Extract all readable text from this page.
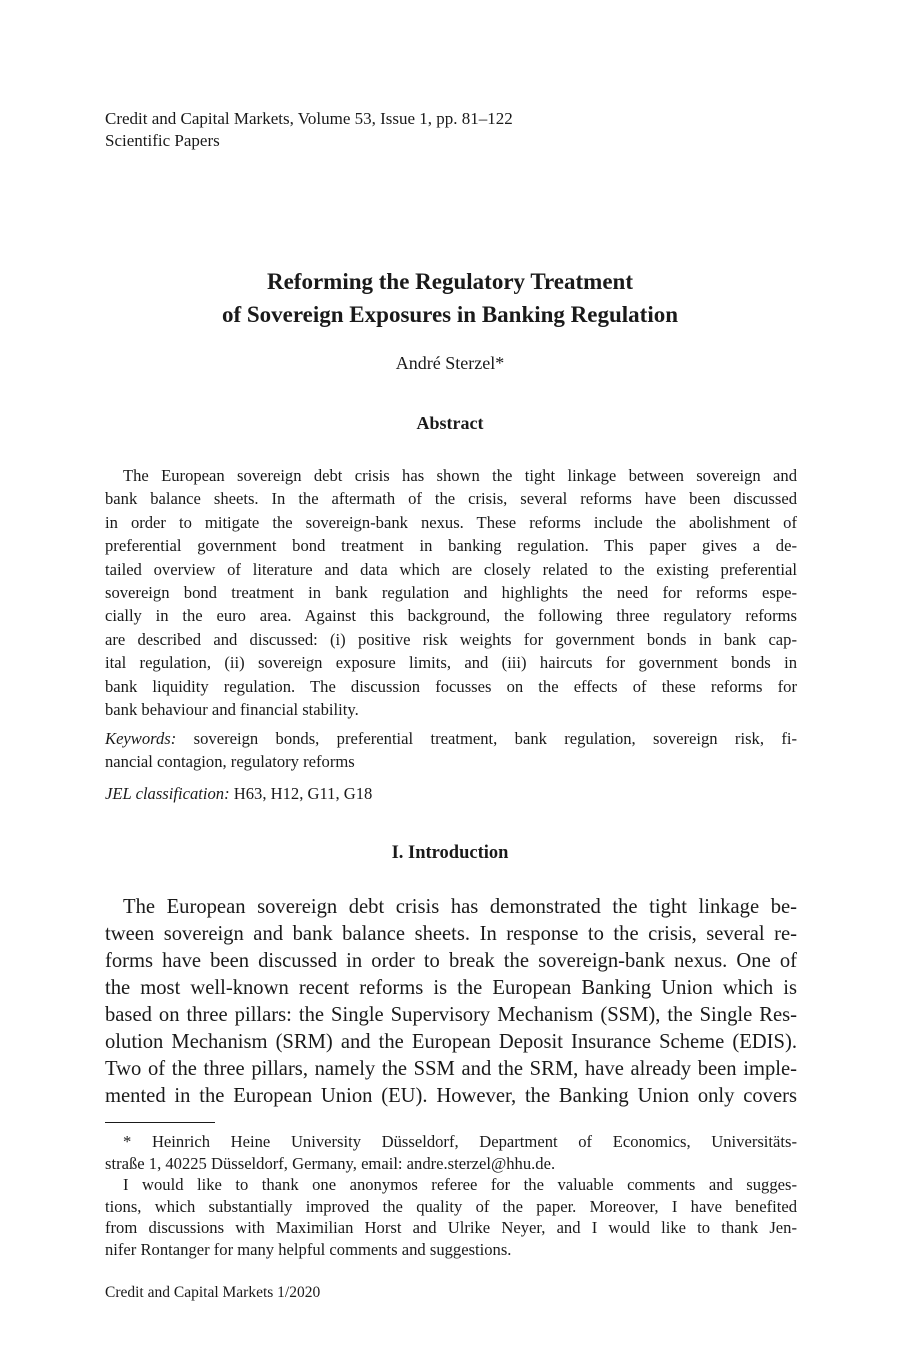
Credit and Capital Markets, Volume 53, Issue 1, pp. 81–122
Scientific Papers
Reforming the Regulatory Treatment
of Sovereign Exposures in Banking Regulation
André Sterzel*
Abstract
The European sovereign debt crisis has shown the tight linkage between sovereign and
bank balance sheets. In the aftermath of the crisis, several reforms have been discussed
in order to mitigate the sovereign-bank nexus. These reforms include the abolishment of
preferential government bond treatment in banking regulation. This paper gives a de-
tailed overview of literature and data which are closely related to the existing preferential
sovereign bond treatment in bank regulation and highlights the need for reforms espe-
cially in the euro area. Against this background, the following three regulatory reforms
are described and discussed: (i) positive risk weights for government bonds in bank cap-
ital regulation, (ii) sovereign exposure limits, and (iii) haircuts for government bonds in
bank liquidity regulation. The discussion focusses on the effects of these reforms for
bank behaviour and financial stability.
Keywords: sovereign bonds, preferential treatment, bank regulation, sovereign risk, fi-
nancial contagion, regulatory reforms
JEL classification: H63, H12, G11, G18
I. Introduction
The European sovereign debt crisis has demonstrated the tight linkage be-
tween sovereign and bank balance sheets. In response to the crisis, several re-
forms have been discussed in order to break the sovereign-bank nexus. One of
the most well-known recent reforms is the European Banking Union which is
based on three pillars: the Single Supervisory Mechanism (SSM), the Single Res-
olution Mechanism (SRM) and the European Deposit Insurance Scheme (EDIS).
Two of the three pillars, namely the SSM and the SRM, have already been imple-
mented in the European Union (EU). However, the Banking Union only covers
* Heinrich Heine University Düsseldorf, Department of Economics, Universitäts-
straße 1, 40225 Düsseldorf, Germany, email: andre.sterzel@hhu.de.
I would like to thank one anonymos referee for the valuable comments and sugges-
tions, which substantially improved the quality of the paper. Moreover, I have benefited
from discussions with Maximilian Horst and Ulrike Neyer, and I would like to thank Jen-
nifer Rontanger for many helpful comments and suggestions.
Credit and Capital Markets 1/2020
